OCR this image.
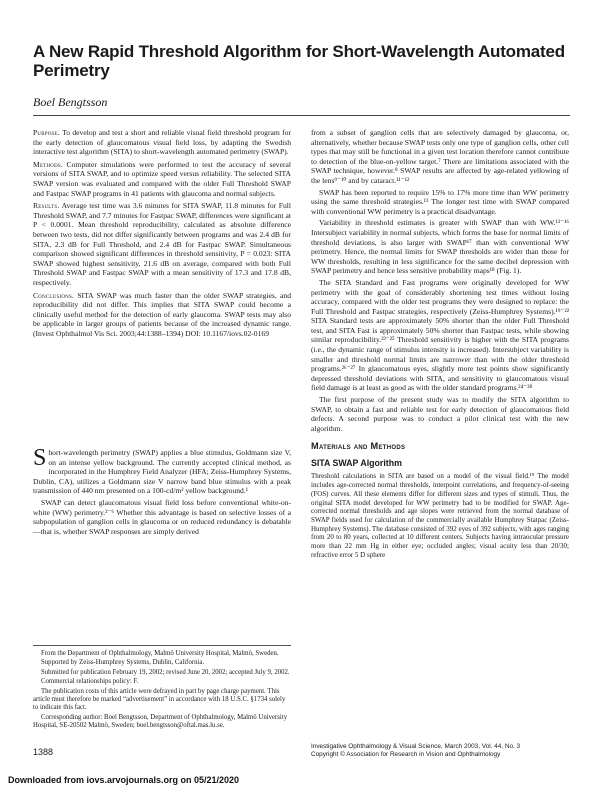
A New Rapid Threshold Algorithm for Short-Wavelength Automated Perimetry
Boel Bengtsson

Purpose. To develop and test a short and reliable visual field threshold program for the early detection of glaucomatous visual field loss, by adapting the Swedish interactive test algorithm (SITA) to short-wavelength automated perimetry (SWAP).

Methods. Computer simulations were performed to test the accuracy of several versions of SITA SWAP, and to optimize speed versus reliability. The selected SITA SWAP version was evaluated and compared with the older Full Threshold SWAP and Fastpac SWAP programs in 41 patients with glaucoma and normal subjects.

Results. Average test time was 3.6 minutes for SITA SWAP, 11.8 minutes for Full Threshold SWAP, and 7.7 minutes for Fastpac SWAP, differences were significant at P < 0.0001. Mean threshold reproducibility, calculated as absolute difference between two tests, did not differ significantly between programs and was 2.4 dB for SITA, 2.3 dB for Full Threshold, and 2.4 dB for Fastpac SWAP. Simultaneous comparison showed significant differences in threshold sensitivity, P = 0.023: SITA SWAP showed highest sensitivity, 21.6 dB on average, compared with both Full Threshold SWAP and Fastpac SWAP with a mean sensitivity of 17.3 and 17.8 dB, respectively.

Conclusions. SITA SWAP was much faster than the older SWAP strategies, and reproducibility did not differ. This implies that SITA SWAP could become a clinically useful method for the detection of early glaucoma. SWAP tests may also be applicable in larger groups of patients because of the increased dynamic range. (Invest Ophthalmol Vis Sci. 2003;44:1388–1394) DOI: 10.1167/iovs.02-0169

Short-wavelength perimetry (SWAP) applies a blue stimulus, Goldmann size V, on an intense yellow background. The currently accepted clinical method, as incorporated in the Humphrey Field Analyzer (HFA; Zeiss-Humphrey Systems, Dublin, CA), utilizes a Goldmann size V narrow band blue stimulus with a peak transmission of 440 nm presented on a 100-cd/m² yellow background.¹

SWAP can detect glaucomatous visual field loss before conventional white-on-white (WW) perimetry.²⁻⁶ Whether this advantage is based on selective losses of a subpopulation of ganglion cells in glaucoma or on reduced redundancy is debatable—that is, whether SWAP responses are simply derived

From the Department of Ophthalmology, Malmö University Hospital, Malmö, Sweden.

Supported by Zeiss-Humphrey Systems, Dublin, California.

Submitted for publication February 19, 2002; revised June 20, 2002; accepted July 9, 2002.

Commercial relationships policy: F.

The publication costs of this article were defrayed in part by page charge payment. This article must therefore be marked “advertisement” in accordance with 18 U.S.C. §1734 solely to indicate this fact.

Corresponding author: Boel Bengtsson, Department of Ophthalmology, Malmö University Hospital, SE-20502 Malmö, Sweden; boel.bengtsson@oftal.mas.lu.se.

from a subset of ganglion cells that are selectively damaged by glaucoma, or, alternatively, whether because SWAP tests only one type of ganglion cells, other cell types that may still be functional in a given test location therefore cannot contribute to detection of the blue-on-yellow target.⁷ There are limitations associated with the SWAP technique, however.⁸ SWAP results are affected by age-related yellowing of the lens⁹⁻¹⁰ and by cataract.¹¹⁻¹²

SWAP has been reported to require 15% to 17% more time than WW perimetry using the same threshold strategies.¹³ The longer test time with SWAP compared with conventional WW perimetry is a practical disadvantage.

Variability in threshold estimates is greater with SWAP than with WW.¹³⁻¹⁶ Intersubject variability in normal subjects, which forms the base for normal limits of threshold deviations, is also larger with SWAP¹⁷ than with conventional WW perimetry. Hence, the normal limits for SWAP thresholds are wider than those for WW thresholds, resulting in less significance for the same decibel depression with SWAP perimetry and hence less sensitive probability maps¹⁸ (Fig. 1).

The SITA Standard and Fast programs were originally developed for WW perimetry with the goal of considerably shortening test times without losing accuracy, compared with the older test programs they were designed to replace: the Full Threshold and Fastpac strategies, respectively (Zeiss-Humphrey Systems).¹⁹⁻²² SITA Standard tests are approximately 50% shorter than the older Full Threshold test, and SITA Fast is approximately 50% shorter than Fastpac tests, while showing similar reproducibility.²³⁻²⁵ Threshold sensitivity is higher with the SITA programs (i.e., the dynamic range of stimulus intensity is increased). Intersubject variability is smaller and threshold normal limits are narrower than with the older threshold programs.²⁶⁻²⁷ In glaucomatous eyes, slightly more test points show significantly depressed threshold deviations with SITA, and sensitivity to glaucomatous visual field damage is at least as good as with the older standard programs.²⁴⁻²⁸

The first purpose of the present study was to modify the SITA algorithm to SWAP, to obtain a fast and reliable test for early detection of glaucomatous field defects. A second purpose was to conduct a pilot clinical test with the new algorithm.

Materials and Methods
SITA SWAP Algorithm

Threshold calculations in SITA are based on a model of the visual field.¹⁹ The model includes age-corrected normal thresholds, interpoint correlations, and frequency-of-seeing (FOS) curves. All these elements differ for different sizes and types of stimuli. Thus, the original SITA model developed for WW perimetry had to be modified for SWAP. Age-corrected normal thresholds and age slopes were retrieved from the normal database of SWAP fields used for calculation of the commercially available Humphrey Statpac (Zeiss-Humphrey Systems). The database consisted of 392 eyes of 392 subjects, with ages ranging from 20 to 80 years, collected at 10 different centers. Subjects having intraocular pressure more than 22 mm Hg in either eye; occluded angles; visual acuity less than 20/30; refractive error 5 D sphere

1388
Investigative Ophthalmology & Visual Science, March 2003, Vol. 44, No. 3
Copyright © Association for Research in Vision and Ophthalmology
Downloaded from iovs.arvojournals.org on 05/21/2020
